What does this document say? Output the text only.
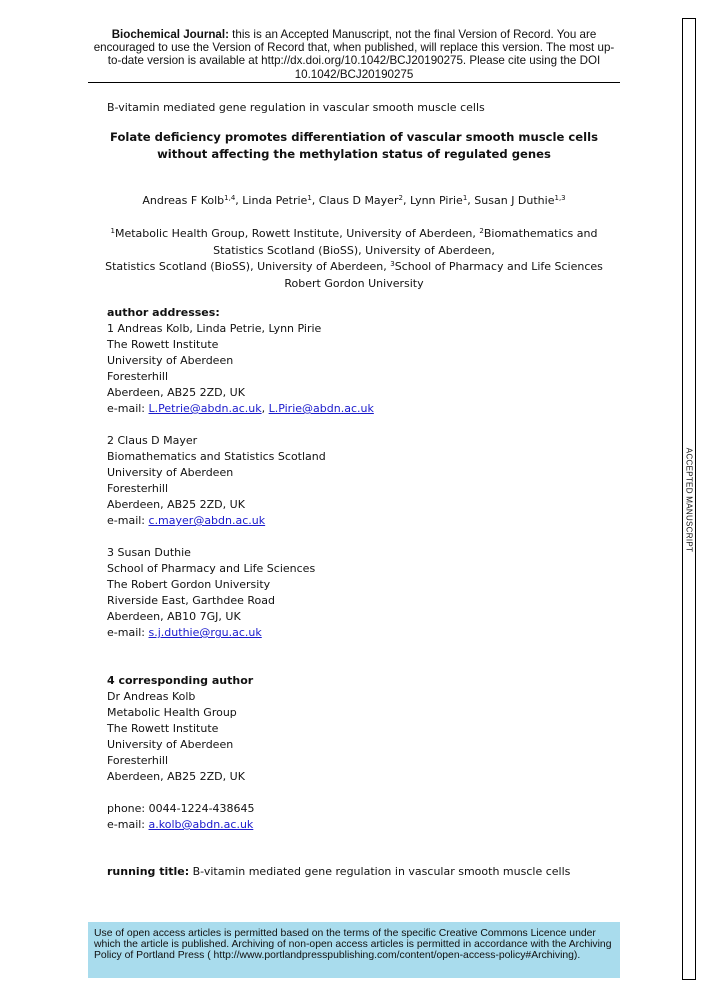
Biochemical Journal: this is an Accepted Manuscript, not the final Version of Record. You are encouraged to use the Version of Record that, when published, will replace this version. The most up-to-date version is available at http://dx.doi.org/10.1042/BCJ20190275. Please cite using the DOI 10.1042/BCJ20190275
ACCEPTED MANUSCRIPT
B-vitamin mediated gene regulation in vascular smooth muscle cells
Folate deficiency promotes differentiation of vascular smooth muscle cells without affecting the methylation status of regulated genes
Andreas F Kolb$^{1,4}$, Linda Petrie$^1$, Claus D Mayer$^2$, Lynn Pirie$^1$, Susan J Duthie$^{1,3}$
$^1$Metabolic Health Group, Rowett Institute, University of Aberdeen, $^2$Biomathematics and Statistics Scotland (BioSS), University of Aberdeen,
Statistics Scotland (BioSS), University of Aberdeen, $^3$School of Pharmacy and Life Sciences
Robert Gordon University
author addresses:
1 Andreas Kolb, Linda Petrie, Lynn Pirie
The Rowett Institute
University of Aberdeen
Foresterhill
Aberdeen, AB25 2ZD, UK
e-mail: L.Petrie@abdn.ac.uk, L.Pirie@abdn.ac.uk
2 Claus D Mayer
Biomathematics and Statistics Scotland
University of Aberdeen
Foresterhill
Aberdeen, AB25 2ZD, UK
e-mail: c.mayer@abdn.ac.uk
3 Susan Duthie
School of Pharmacy and Life Sciences
The Robert Gordon University
Riverside East, Garthdee Road
Aberdeen, AB10 7GJ, UK
e-mail: s.j.duthie@rgu.ac.uk
4 corresponding author
Dr Andreas Kolb
Metabolic Health Group
The Rowett Institute
University of Aberdeen
Foresterhill
Aberdeen, AB25 2ZD, UK
phone: 0044-1224-438645
e-mail: a.kolb@abdn.ac.uk
running title: B-vitamin mediated gene regulation in vascular smooth muscle cells
Use of open access articles is permitted based on the terms of the specific Creative Commons Licence under which the article is published. Archiving of non-open access articles is permitted in accordance with the Archiving Policy of Portland Press ( http://www.portlandpresspublishing.com/content/open-access-policy#Archiving).
